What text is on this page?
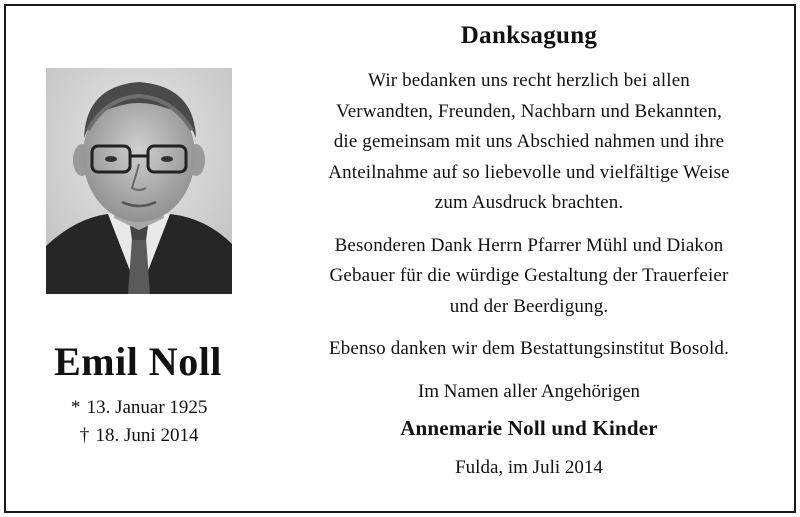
Emil Noll
* 13. Januar 1925
† 18. Juni 2014
Danksagung
Wir bedanken uns recht herzlich bei allen
Verwandten, Freunden, Nachbarn und Bekannten,
die gemeinsam mit uns Abschied nahmen und ihre
Anteilnahme auf so liebevolle und vielfältige Weise
zum Ausdruck brachten.
Besonderen Dank Herrn Pfarrer Mühl und Diakon
Gebauer für die würdige Gestaltung der Trauerfeier
und der Beerdigung.
Ebenso danken wir dem Bestattungsinstitut Bosold.
Im Namen aller Angehörigen
Annemarie Noll und Kinder
Fulda, im Juli 2014
